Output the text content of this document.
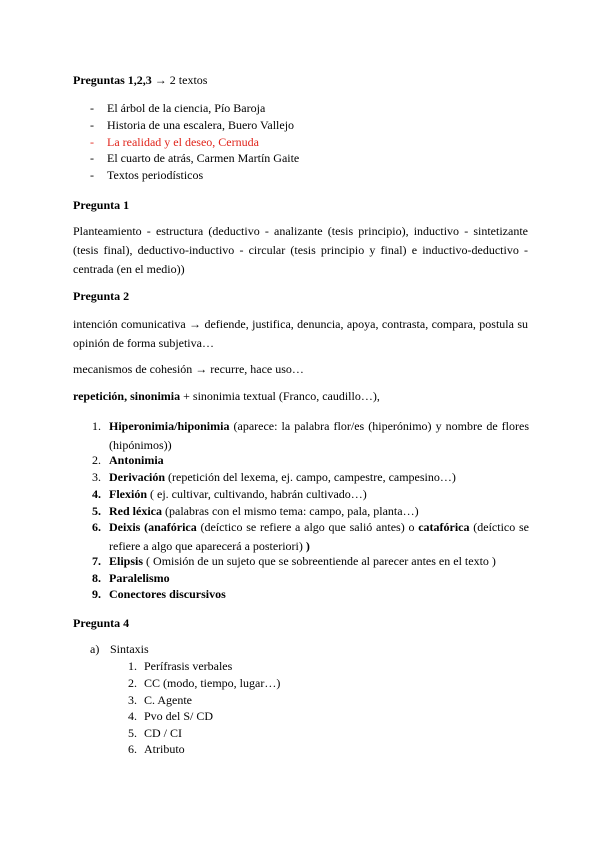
Preguntas 1,2,3 → 2 textos
- El árbol de la ciencia, Pío Baroja
- Historia de una escalera, Buero Vallejo
- La realidad y el deseo, Cernuda
- El cuarto de atrás, Carmen Martín Gaite
- Textos periodísticos
Pregunta 1
Planteamiento - estructura (deductivo - analizante (tesis principio), inductivo - sintetizante (tesis final), deductivo-inductivo - circular (tesis principio y final) e inductivo-deductivo - centrada (en el medio))
Pregunta 2
intención comunicativa → defiende, justifica, denuncia, apoya, contrasta, compara, postula su opinión de forma subjetiva…
mecanismos de cohesión → recurre, hace uso…
repetición, sinonimia + sinonimia textual (Franco, caudillo…),
1. Hiperonimia/hiponimia (aparece: la palabra flor/es (hiperónimo) y nombre de flores (hipónimos))
2. Antonimia
3. Derivación (repetición del lexema, ej. campo, campestre, campesino…)
4. Flexión ( ej. cultivar, cultivando, habrán cultivado…)
5. Red léxica (palabras con el mismo tema: campo, pala, planta…)
6. Deixis (anafórica (deíctico se refiere a algo que salió antes) o catafórica (deíctico se refiere a algo que aparecerá a posteriori) )
7. Elipsis ( Omisión de un sujeto que se sobreentiende al parecer antes en el texto )
8. Paralelismo
9. Conectores discursivos
Pregunta 4
a) Sintaxis
1. Perífrasis verbales
2. CC (modo, tiempo, lugar…)
3. C. Agente
4. Pvo del S/ CD
5. CD / CI
6. Atributo
